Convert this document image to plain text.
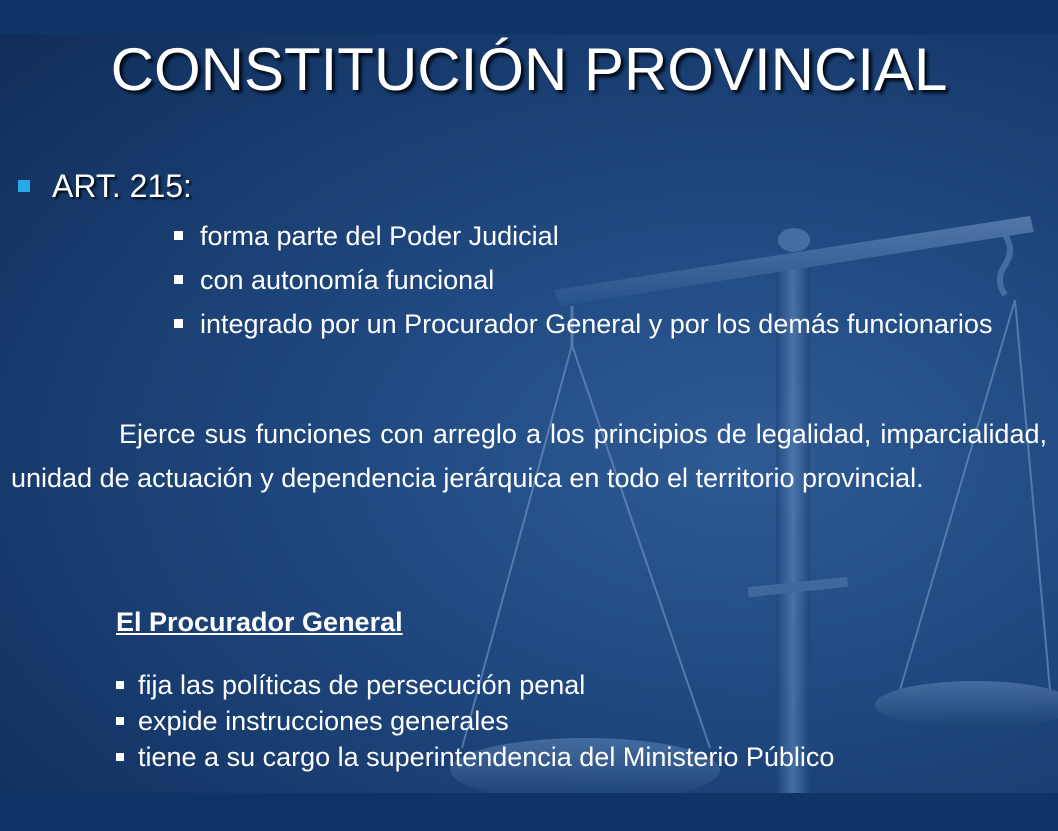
CONSTITUCIÓN PROVINCIAL
ART. 215:
forma parte del Poder Judicial
con autonomía funcional
integrado por un Procurador General y por los demás funcionarios
Ejerce sus funciones con arreglo a los principios de legalidad, imparcialidad, unidad de actuación y dependencia jerárquica en todo el territorio provincial.
El Procurador General
fija las políticas de persecución penal
expide instrucciones generales
tiene a su cargo la superintendencia del Ministerio Público
